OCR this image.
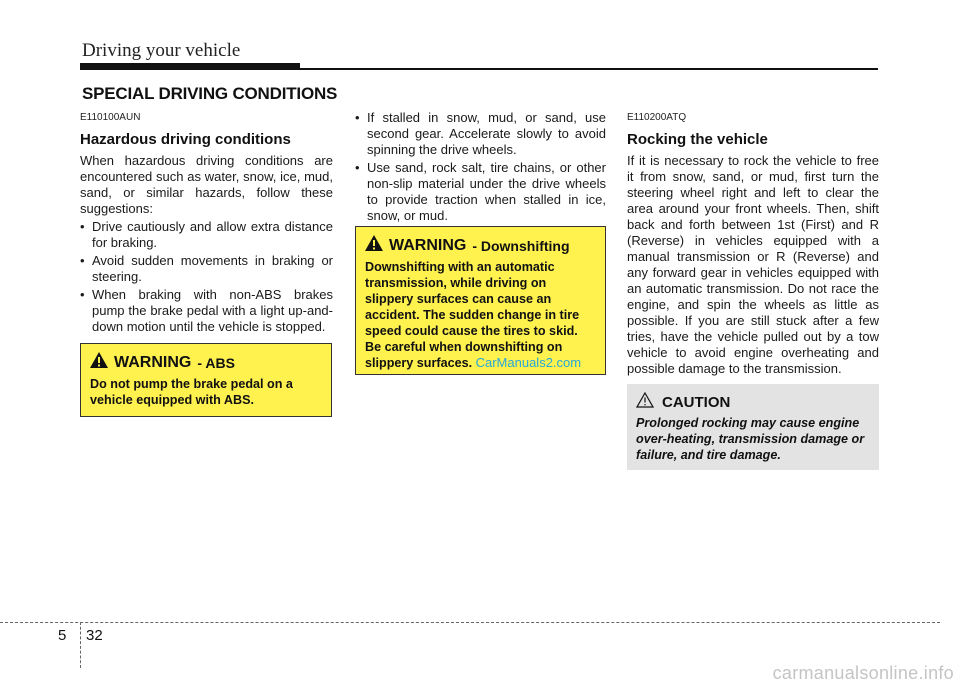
Driving your vehicle
SPECIAL DRIVING CONDITIONS
E110100AUN
Hazardous driving conditions

When hazardous driving conditions are encountered such as water, snow, ice, mud, sand, or similar hazards, follow these suggestions:

• Drive cautiously and allow extra distance for braking.
• Avoid sudden movements in braking or steering.
• When braking with non-ABS brakes pump the brake pedal with a light up-and-down motion until the vehicle is stopped.
WARNING - ABS
Do not pump the brake pedal on a vehicle equipped with ABS.
• If stalled in snow, mud, or sand, use second gear. Accelerate slowly to avoid spinning the drive wheels.
• Use sand, rock salt, tire chains, or other non-slip material under the drive wheels to provide traction when stalled in ice, snow, or mud.
WARNING - Downshifting
Downshifting with an automatic transmission, while driving on slippery surfaces can cause an accident. The sudden change in tire speed could cause the tires to skid. Be careful when downshifting on slippery surfaces. CarManuals2.com
E110200ATQ
Rocking the vehicle

If it is necessary to rock the vehicle to free it from snow, sand, or mud, first turn the steering wheel right and left to clear the area around your front wheels. Then, shift back and forth between 1st (First) and R (Reverse) in vehicles equipped with a manual transmission or R (Reverse) and any forward gear in vehicles equipped with an automatic transmission. Do not race the engine, and spin the wheels as little as possible. If you are still stuck after a few tries, have the vehicle pulled out by a tow vehicle to avoid engine overheating and possible damage to the transmission.

CAUTION
Prolonged rocking may cause engine over-heating, transmission damage or failure, and tire damage.
5 32
carmanualsonline.info
